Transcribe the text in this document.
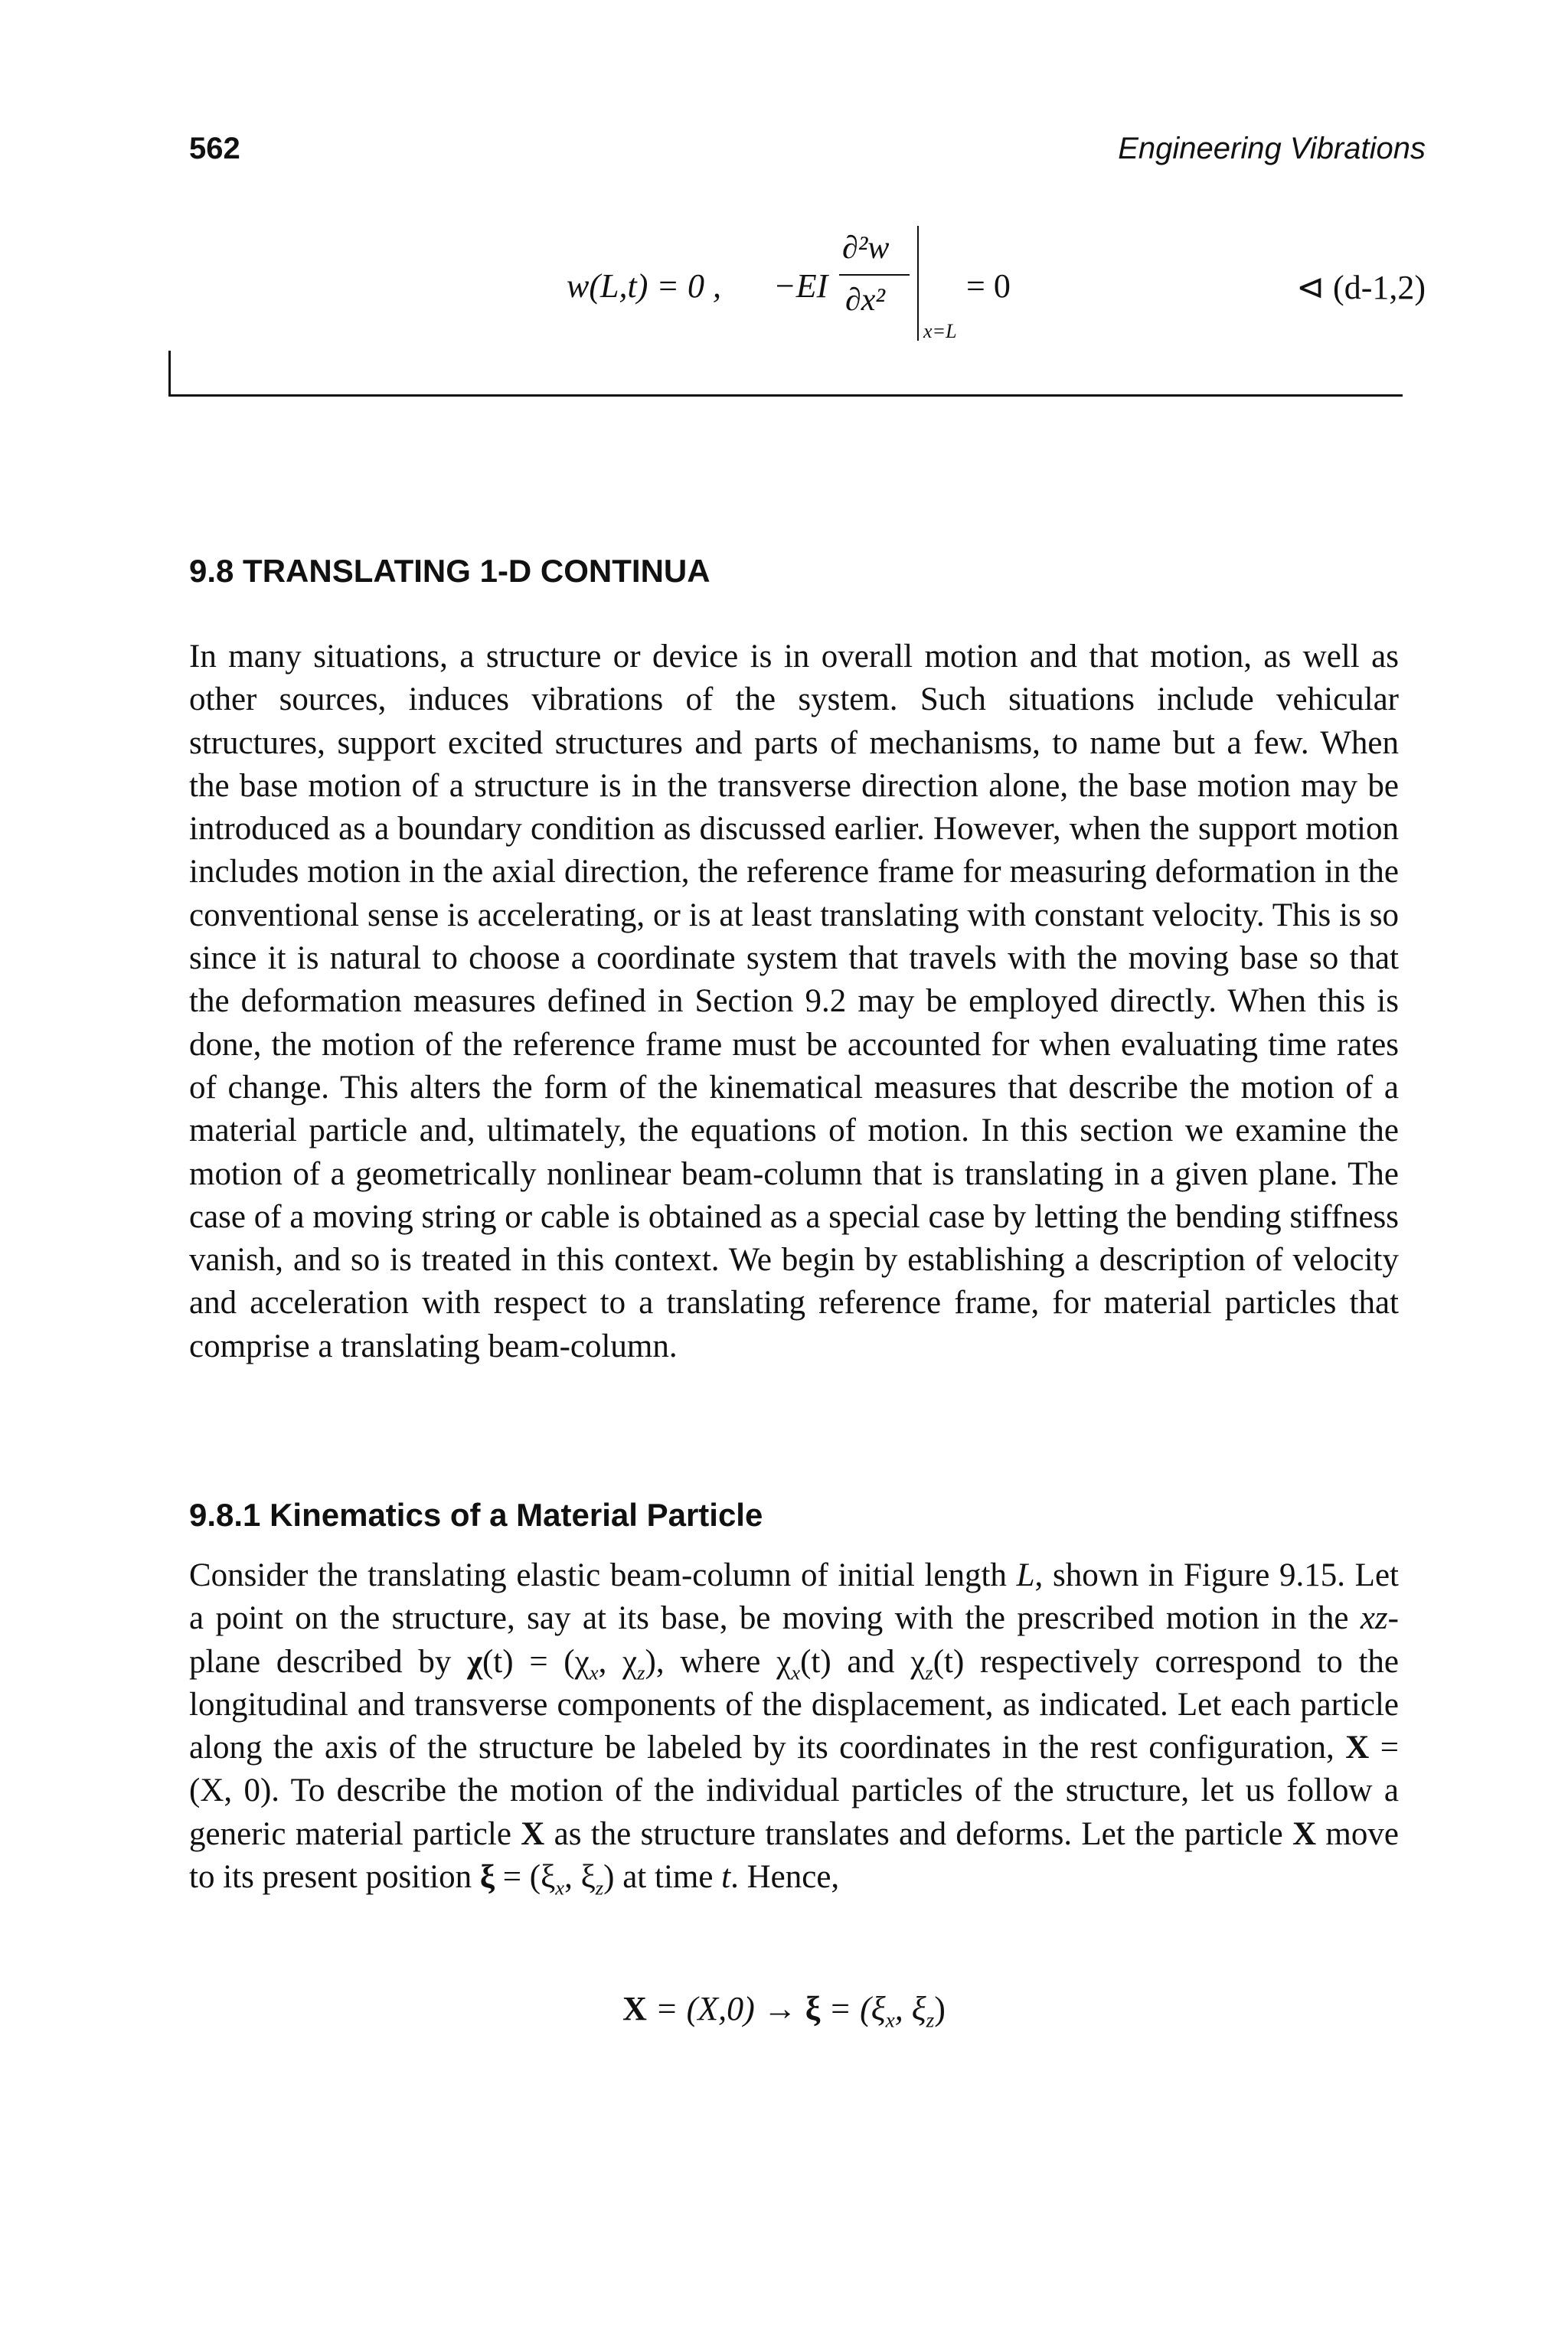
562	Engineering Vibrations
w(L,t) = 0 , −EI
∂²w
∂x²
x=L
= 0	⊲ (d-1,2)
9.8 TRANSLATING 1-D CONTINUA
In many situations, a structure or device is in overall motion and that motion, as well as other sources, induces vibrations of the system. Such situations include vehicular structures, support excited structures and parts of mechanisms, to name but a few. When the base motion of a structure is in the transverse direction alone, the base motion may be introduced as a boundary condition as discussed earlier. However, when the support motion includes motion in the axial direction, the reference frame for measuring deformation in the conventional sense is accelerating, or is at least translating with constant velocity. This is so since it is natural to choose a coordinate system that travels with the moving base so that the deformation measures defined in Section 9.2 may be employed directly. When this is done, the motion of the reference frame must be accounted for when evaluating time rates of change. This alters the form of the kinematical measures that describe the motion of a material particle and, ultimately, the equations of motion. In this section we examine the motion of a geometrically nonlinear beam-column that is translating in a given plane. The case of a moving string or cable is obtained as a special case by letting the bending stiffness vanish, and so is treated in this context. We begin by establishing a description of velocity and acceleration with respect to a translating reference frame, for material particles that comprise a translating beam-column.
9.8.1 Kinematics of a Material Particle
Consider the translating elastic beam-column of initial length L, shown in Figure 9.15. Let a point on the structure, say at its base, be moving with the prescribed motion in the xz-plane described by $\chi(t) = (\chi_x$, $\chi_z$), where $\chi_x(t)$ and $\chi_z(t)$ respectively correspond to the longitudinal and transverse components of the displacement, as indicated. Let each particle along the axis of the structure be labeled by its coordinates in the rest configuration, X = (X, 0). To describe the motion of the individual particles of the structure, let us follow a generic material particle X as the structure translates and deforms. Let the particle X move to its present position $\xi = (\xi_x$, $\xi_z$) at time t. Hence,
$X = (X,0) \to \xi = (\xi_x$, $\xi_z$)
